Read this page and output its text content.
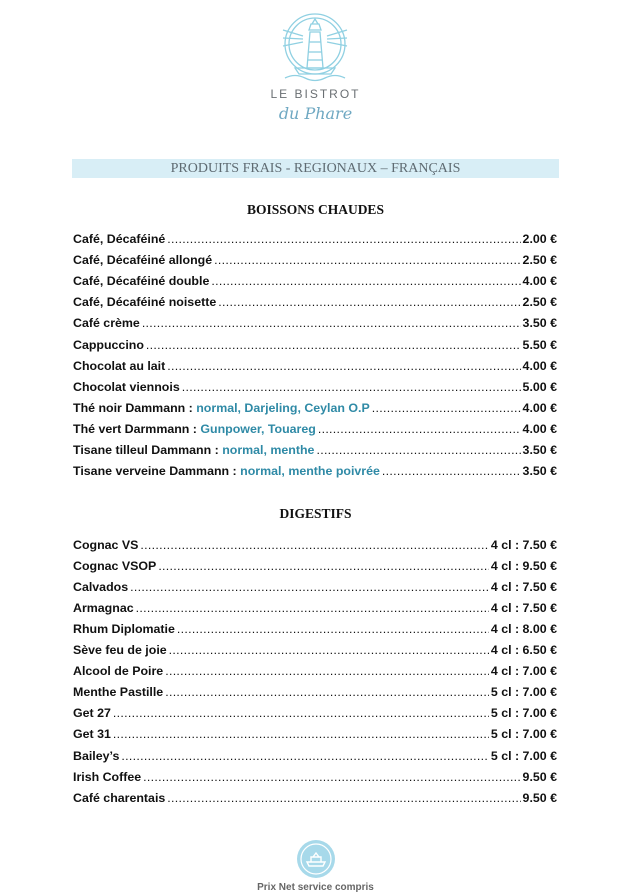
LE BISTROT
du Phare
PRODUITS FRAIS - REGIONAUX – FRANÇAIS
BOISSONS CHAUDES
Café, Décaféiné .....	2.00 €
Café, Décaféiné allongé .....	2.50 €
Café, Décaféiné double .....	4.00 €
Café, Décaféiné noisette .....	2.50 €
Café crème .....	3.50 €
Cappuccino .....	5.50 €
Chocolat au lait .....	4.00 €
Chocolat viennois .....	5.00 €
Thé noir Dammann : normal, Darjeling, Ceylan O.P .....	4.00 €
Thé vert Darmmann : Gunpower, Touareg .....	4.00 €
Tisane tilleul Dammann : normal, menthe .....	3.50 €
Tisane verveine Dammann : normal, menthe poivrée .....	3.50 €
DIGESTIFS
Cognac VS .....	4 cl : 7.50 €
Cognac VSOP .....	4 cl : 9.50 €
Calvados .....	4 cl : 7.50 €
Armagnac .....	4 cl : 7.50 €
Rhum Diplomatie .....	4 cl : 8.00 €
Sève feu de joie .....	4 cl : 6.50 €
Alcool de Poire .....	4 cl : 7.00 €
Menthe Pastille .....	5 cl : 7.00 €
Get 27 .....	5 cl : 7.00 €
Get 31 .....	5 cl : 7.00 €
Bailey’s .....	5 cl : 7.00 €
Irish Coffee .....	9.50 €
Café charentais .....	9.50 €
Prix Net service compris
